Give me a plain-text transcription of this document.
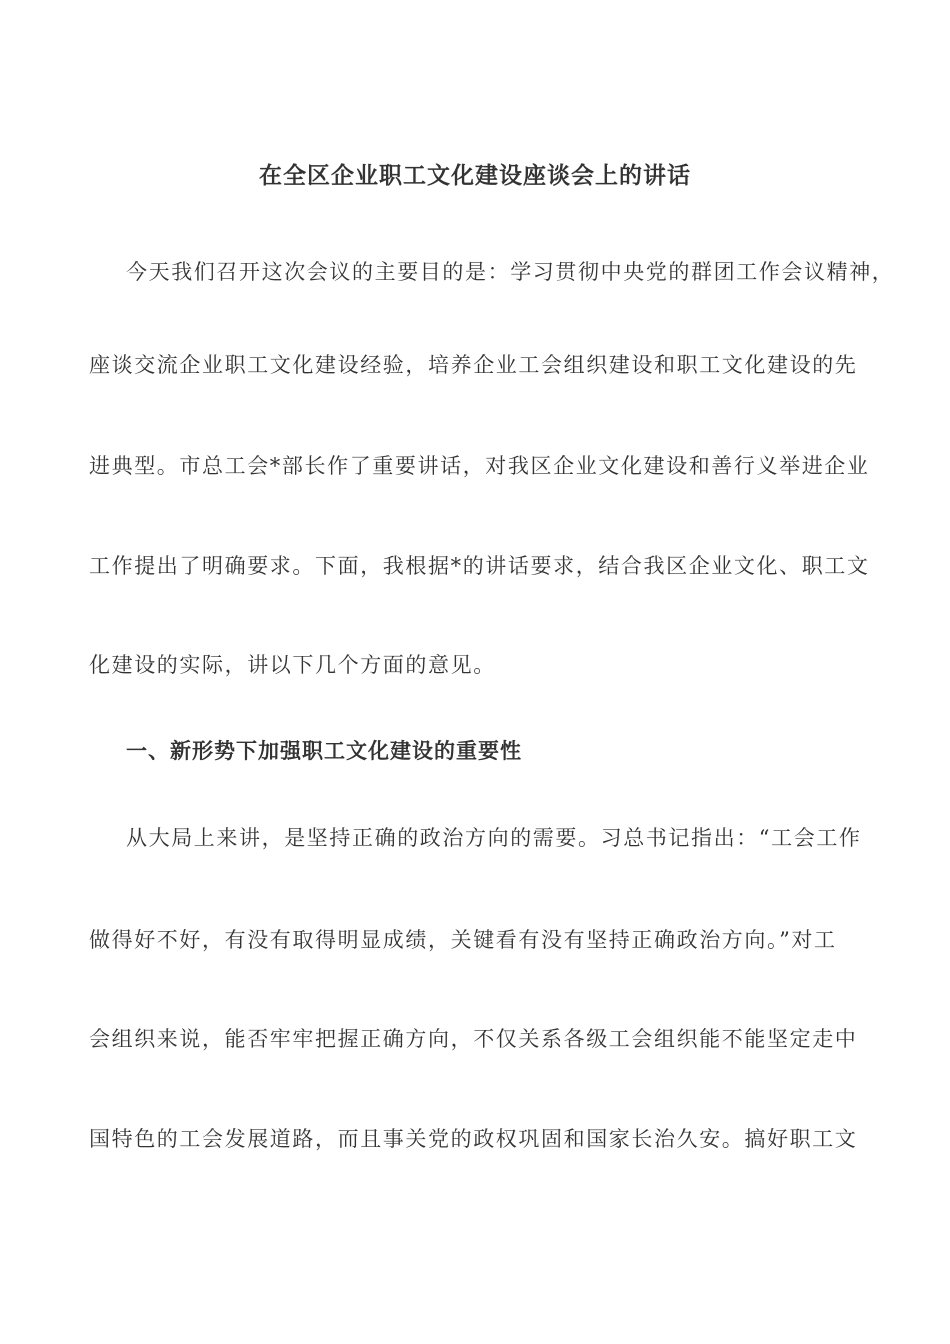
在全区企业职工文化建设座谈会上的讲话

今天我们召开这次会议的主要目的是：学习贯彻中央党的群团工作会议精神，

座谈交流企业职工文化建设经验，培养企业工会组织建设和职工文化建设的先

进典型。市总工会*部长作了重要讲话，对我区企业文化建设和善行义举进企业

工作提出了明确要求。下面，我根据*的讲话要求，结合我区企业文化、职工文

化建设的实际，讲以下几个方面的意见。

一、新形势下加强职工文化建设的重要性

从大局上来讲，是坚持正确的政治方向的需要。习总书记指出：“工会工作

做得好不好，有没有取得明显成绩，关键看有没有坚持正确政治方向。”对工

会组织来说，能否牢牢把握正确方向，不仅关系各级工会组织能不能坚定走中

国特色的工会发展道路，而且事关党的政权巩固和国家长治久安。搞好职工文
